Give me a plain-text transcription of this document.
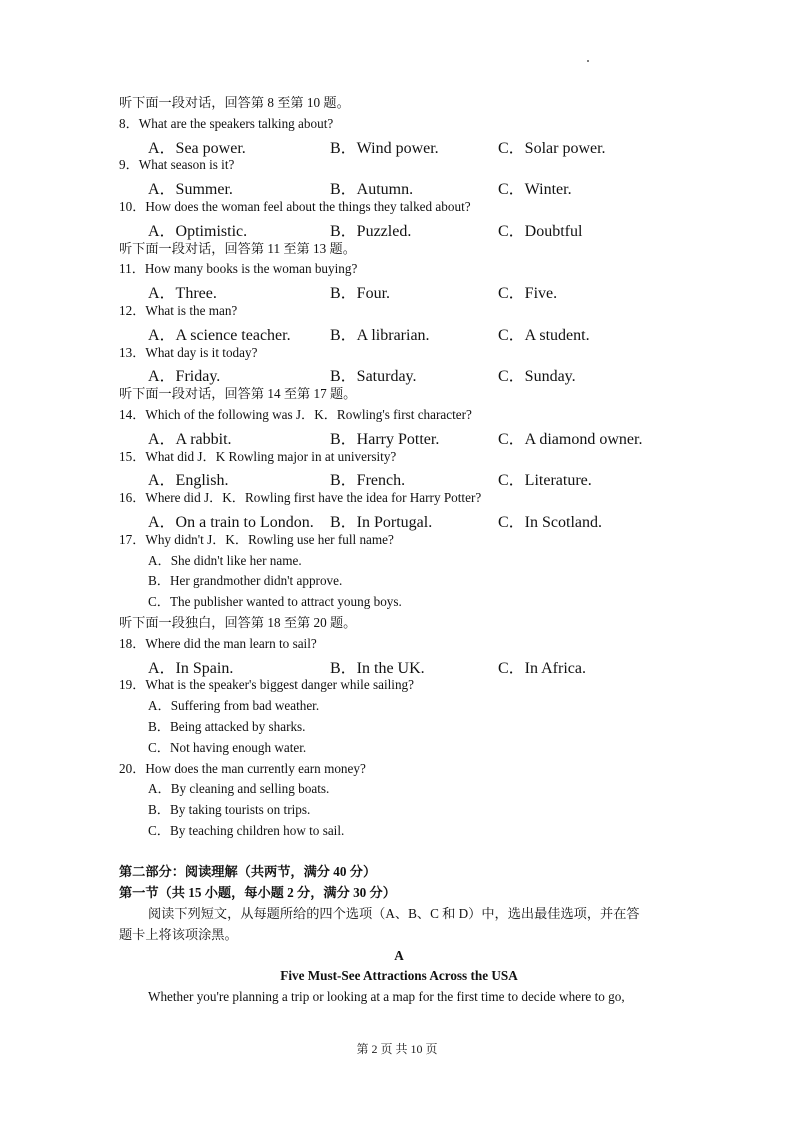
听下面一段对话，回答第 8 至第 10 题。
8．What are the speakers talking about?
A．Sea power.	B．Wind power.	C．Solar power.
9．What season is it?
A．Summer.	B．Autumn.	C．Winter.
10．How does the woman feel about the things they talked about?
A．Optimistic.	B．Puzzled.	C．Doubtful
听下面一段对话，回答第 11 至第 13 题。
11．How many books is the woman buying?
A．Three.	B．Four.	C．Five.
12．What is the man?
A．A science teacher. B．A librarian.	C．A student.
13．What day is it today?
A．Friday.	B．Saturday.	C．Sunday.
听下面一段对话，回答第 14 至第 17 题。
14．Which of the following was J．K．Rowling's first character?
A．A rabbit.	B．Harry Potter.	C．A diamond owner.
15．What did J．K Rowling major in at university?
A．English.	B．French.	C．Literature.
16．Where did J．K．Rowling first have the idea for Harry Potter?
A．On a train to London. B．In Portugal.	C．In Scotland.
17．Why didn't J．K．Rowling use her full name?
A．She didn't like her name.
B．Her grandmother didn't approve.
C．The publisher wanted to attract young boys.
听下面一段独白，回答第 18 至第 20 题。
18．Where did the man learn to sail?
A．In Spain.	B．In the UK.	C．In Africa.
19．What is the speaker's biggest danger while sailing?
A．Suffering from bad weather.
B．Being attacked by sharks.
C．Not having enough water.
20．How does the man currently earn money?
A．By cleaning and selling boats.
B．By taking tourists on trips.
C．By teaching children how to sail.
第二部分：阅读理解（共两节，满分 40 分）
第一节（共 15 小题，每小题 2 分，满分 30 分）
阅读下列短文，从每题所给的四个选项（A、B、C 和 D）中，选出最佳选项，并在答
题卡上将该项涂黑。
A
Five Must-See Attractions Across the USA
Whether you're planning a trip or looking at a map for the first time to decide where to go,
第 2 页 共 10 页
